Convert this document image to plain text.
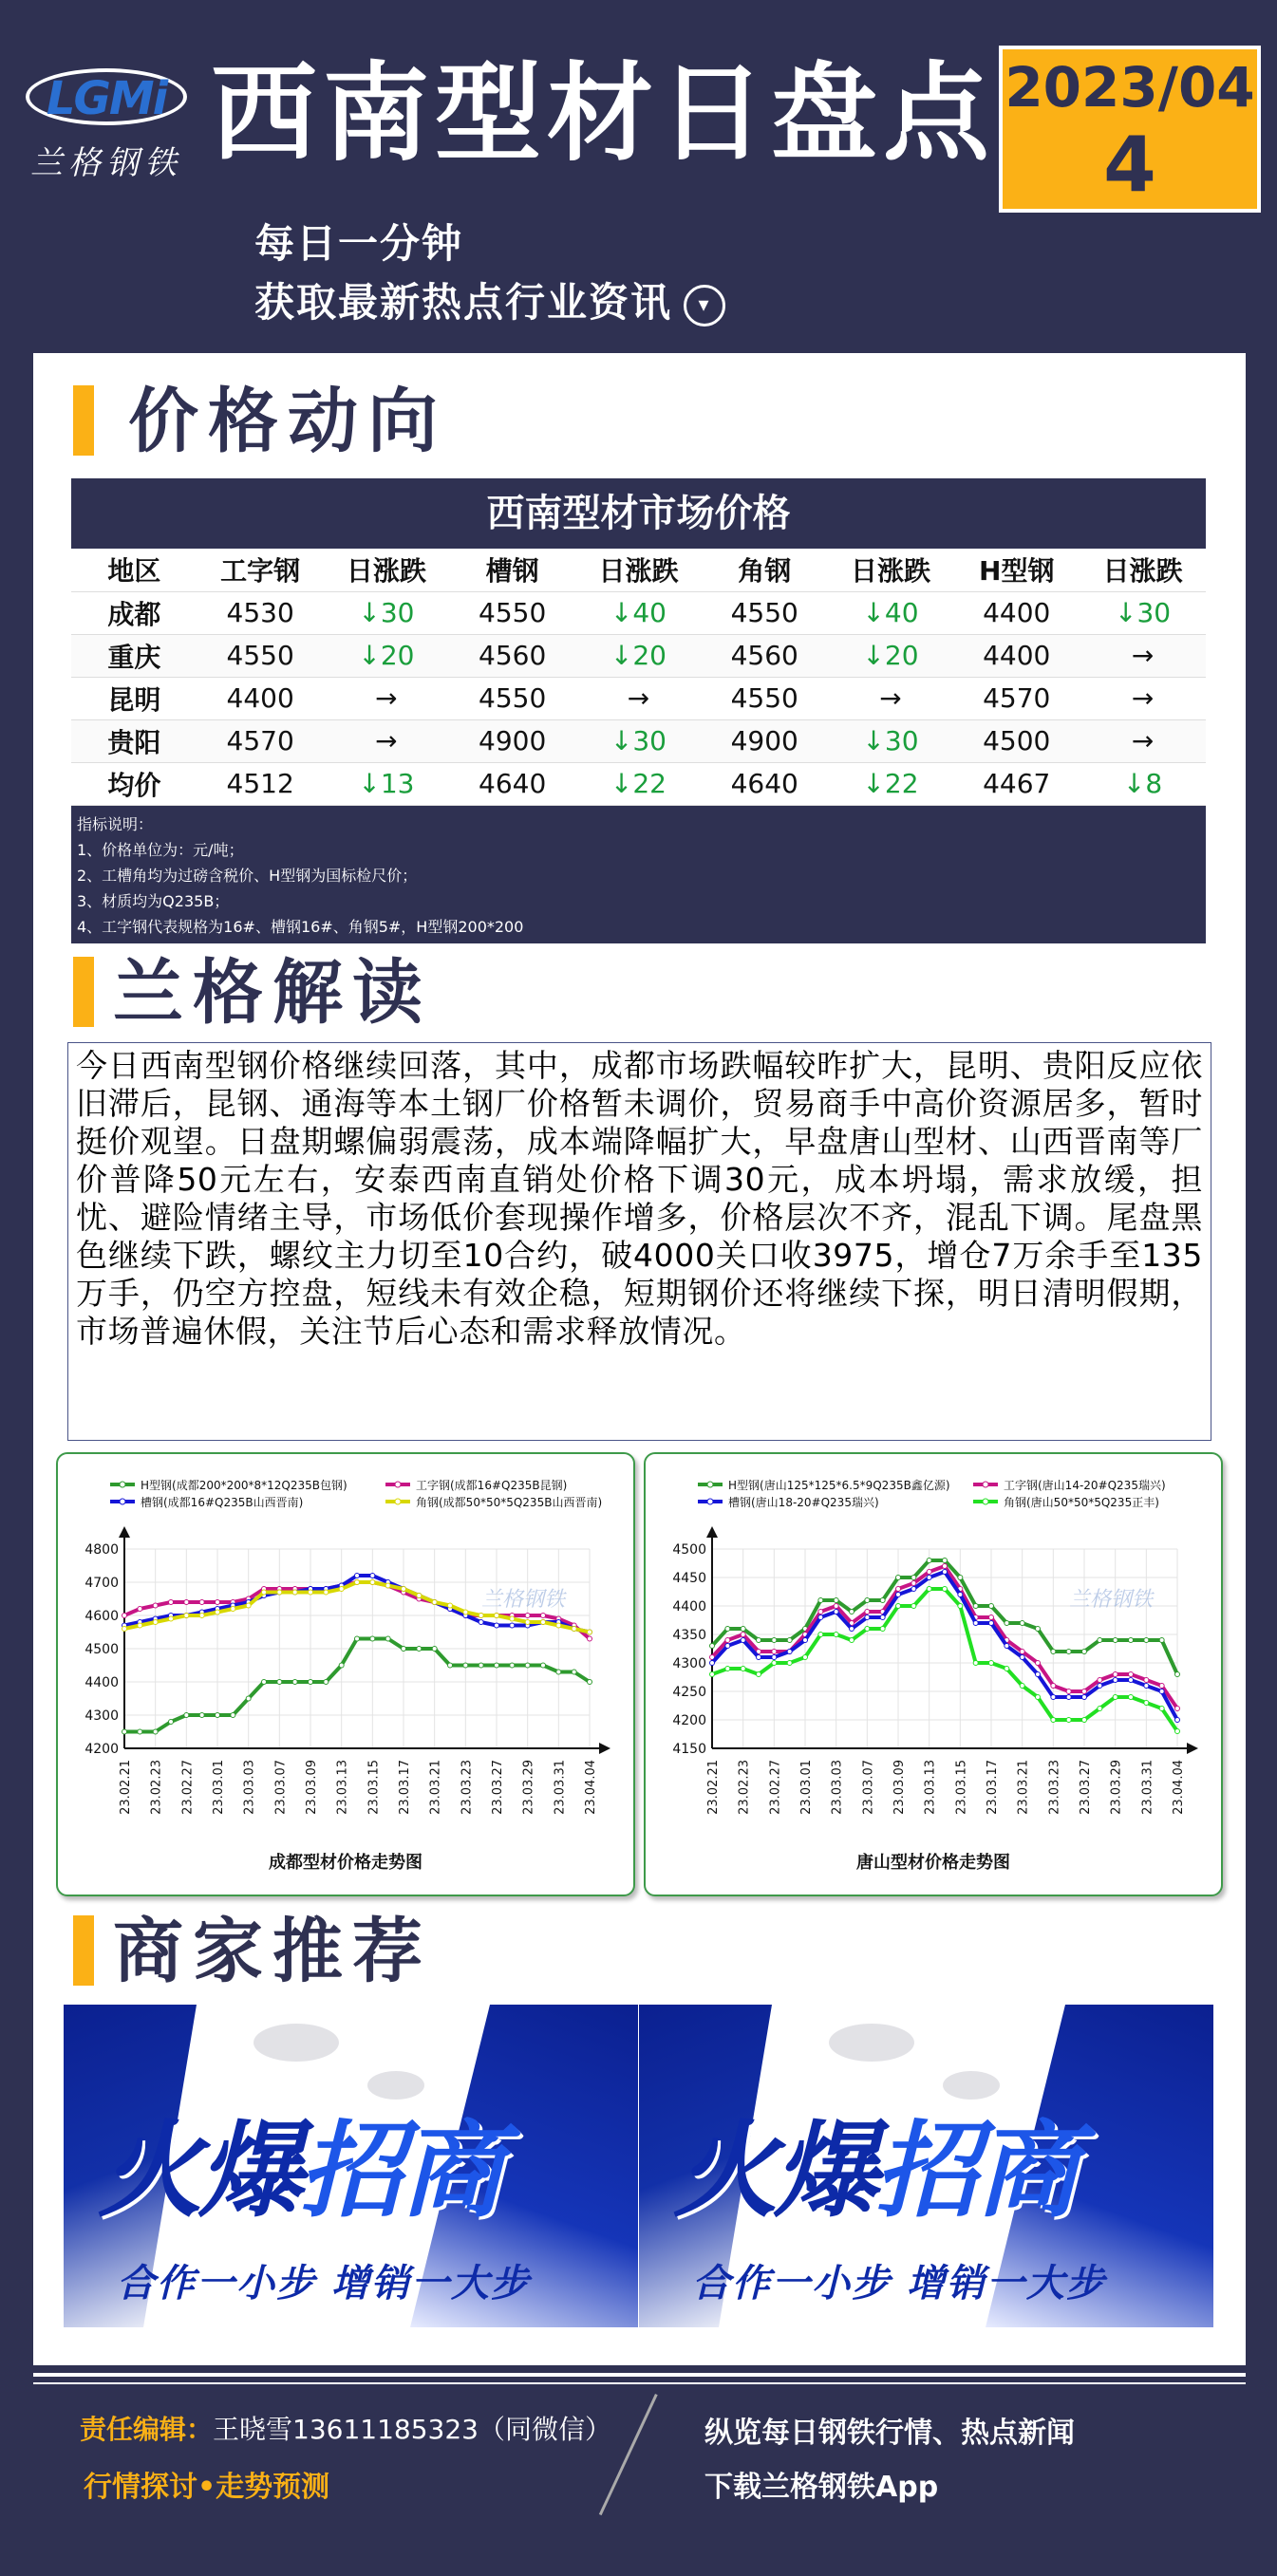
LGMi
兰格钢铁 西南型材日盘点 2023/04
4
每日一分钟
获取最新热点行业资讯 ▾
价格动向
西南型材市场价格
地区	工字钢	日涨跌	槽钢	日涨跌	角钢	日涨跌	H型钢	日涨跌
成都	4530	↓30	4550	↓40	4550	↓40	4400	↓30
重庆	4550	↓20	4560	↓20	4560	↓20	4400	→
昆明	4400	→	4550	→	4550	→	4570	→
贵阳	4570	→	4900	↓30	4900	↓30	4500	→
均价	4512	↓13	4640	↓22	4640	↓22	4467	↓8
指标说明：
1、价格单位为：元/吨；
2、工槽角均为过磅含税价、H型钢为国标检尺价；
3、材质均为Q235B；
4、工字钢代表规格为16#、槽钢16#、角钢5#，H型钢200*200
兰格解读
今日西南型钢价格继续回落，其中，成都市场跌幅较昨扩大，昆明、贵阳反应依旧滞后，昆钢、通海等本土钢厂价格暂未调价，贸易商手中高价资源居多，暂时挺价观望。日盘期螺偏弱震荡，成本端降幅扩大，早盘唐山型材、山西晋南等厂价普降50元左右，安泰西南直销处价格下调30元，成本坍塌，需求放缓，担忧、避险情绪主导，市场低价套现操作增多，价格层次不齐，混乱下调。尾盘黑色继续下跌，螺纹主力切至10合约，破4000关口收3975，增仓7万余手至135万手，仍空方控盘，短线未有效企稳，短期钢价还将继续下探，明日清明假期，市场普遍休假，关注节后心态和需求释放情况。
H型钢(成都200*200*8*12Q235B包钢)	工字钢(成都16#Q235B昆钢)
槽钢(成都16#Q235B山西晋南)	角钢(成都50*50*5Q235B山西晋南)
4200
4300
4400
4500
4600
4700
4800
23.02.21 23.02.23 23.02.27 23.03.01 23.03.03 23.03.07 23.03.09 23.03.13 23.03.15 23.03.17 23.03.21 23.03.23 23.03.27 23.03.29 23.03.31 23.04.04
兰格钢铁
成都型材价格走势图
H型钢(唐山125*125*6.5*9Q235B鑫亿源)	工字钢(唐山14-20#Q235瑞兴)
槽钢(唐山18-20#Q235瑞兴)	角钢(唐山50*50*5Q235正丰)
4150
4200
4250
4300
4350
4400
4450
4500
23.02.21 23.02.23 23.02.27 23.03.01 23.03.03 23.03.07 23.03.09 23.03.13 23.03.15 23.03.17 23.03.21 23.03.23 23.03.27 23.03.29 23.03.31 23.04.04
兰格钢铁
唐山型材价格走势图
商家推荐
火爆招商
合作一小步 增销一大步
火爆招商
合作一小步 增销一大步
责任编辑：王晓雪13611185323（同微信）
行情探讨•走势预测
纵览每日钢铁行情、热点新闻
下载兰格钢铁App
